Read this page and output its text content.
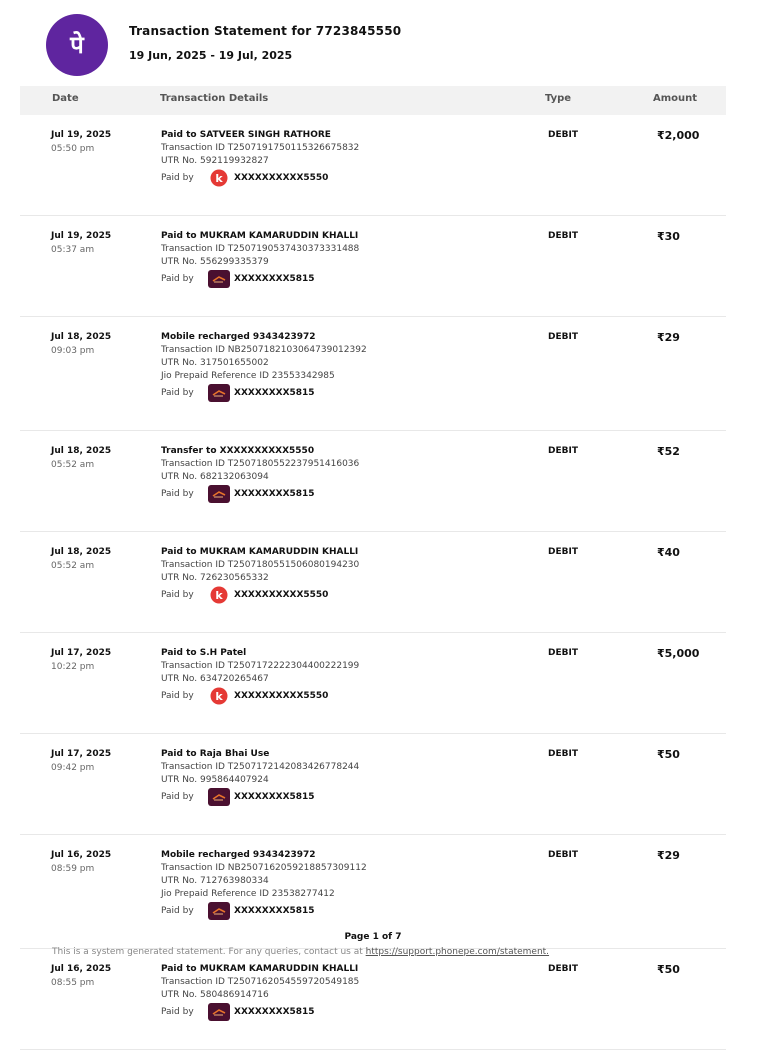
पे	Transaction Statement for 7723845550
19 Jun, 2025 - 19 Jul, 2025
Date	Transaction Details	Type	Amount
Jul 19, 2025
05:50 pm
Paid to SATVEER SINGH RATHORE
Transaction ID T2507191750115326675832
UTR No. 592119932827
Paid by	k XXXXXXXXXX5550
DEBIT	₹2,000
Jul 19, 2025
05:37 am
Paid to MUKRAM KAMARUDDIN KHALLI
Transaction ID T2507190537430373331488
UTR No. 556299335379
Paid by	XXXXXXXX5815
DEBIT	₹30
Jul 18, 2025
09:03 pm
Mobile recharged 9343423972
Transaction ID NB2507182103064739012392
UTR No. 317501655002
Jio Prepaid Reference ID 23553342985
Paid by	XXXXXXXX5815
DEBIT	₹29
Jul 18, 2025
05:52 am
Transfer to XXXXXXXXXX5550
Transaction ID T2507180552237951416036
UTR No. 682132063094
Paid by	XXXXXXXX5815
DEBIT	₹52
Jul 18, 2025
05:52 am
Paid to MUKRAM KAMARUDDIN KHALLI
Transaction ID T2507180551506080194230
UTR No. 726230565332
Paid by	k XXXXXXXXXX5550
DEBIT	₹40
Jul 17, 2025
10:22 pm
Paid to S.H Patel
Transaction ID T2507172222304400222199
UTR No. 634720265467
Paid by	k XXXXXXXXXX5550
DEBIT	₹5,000
Jul 17, 2025
09:42 pm
Paid to Raja Bhai Use
Transaction ID T2507172142083426778244
UTR No. 995864407924
Paid by	XXXXXXXX5815
DEBIT	₹50
Jul 16, 2025
08:59 pm
Mobile recharged 9343423972
Transaction ID NB2507162059218857309112
UTR No. 712763980334
Jio Prepaid Reference ID 23538277412
Paid by	XXXXXXXX5815
DEBIT	₹29
Jul 16, 2025
08:55 pm
Paid to MUKRAM KAMARUDDIN KHALLI
Transaction ID T2507162054559720549185
UTR No. 580486914716
Paid by	XXXXXXXX5815
DEBIT	₹50
Page 1 of 7
This is a system generated statement. For any queries, contact us at https://support.phonepe.com/statement.
